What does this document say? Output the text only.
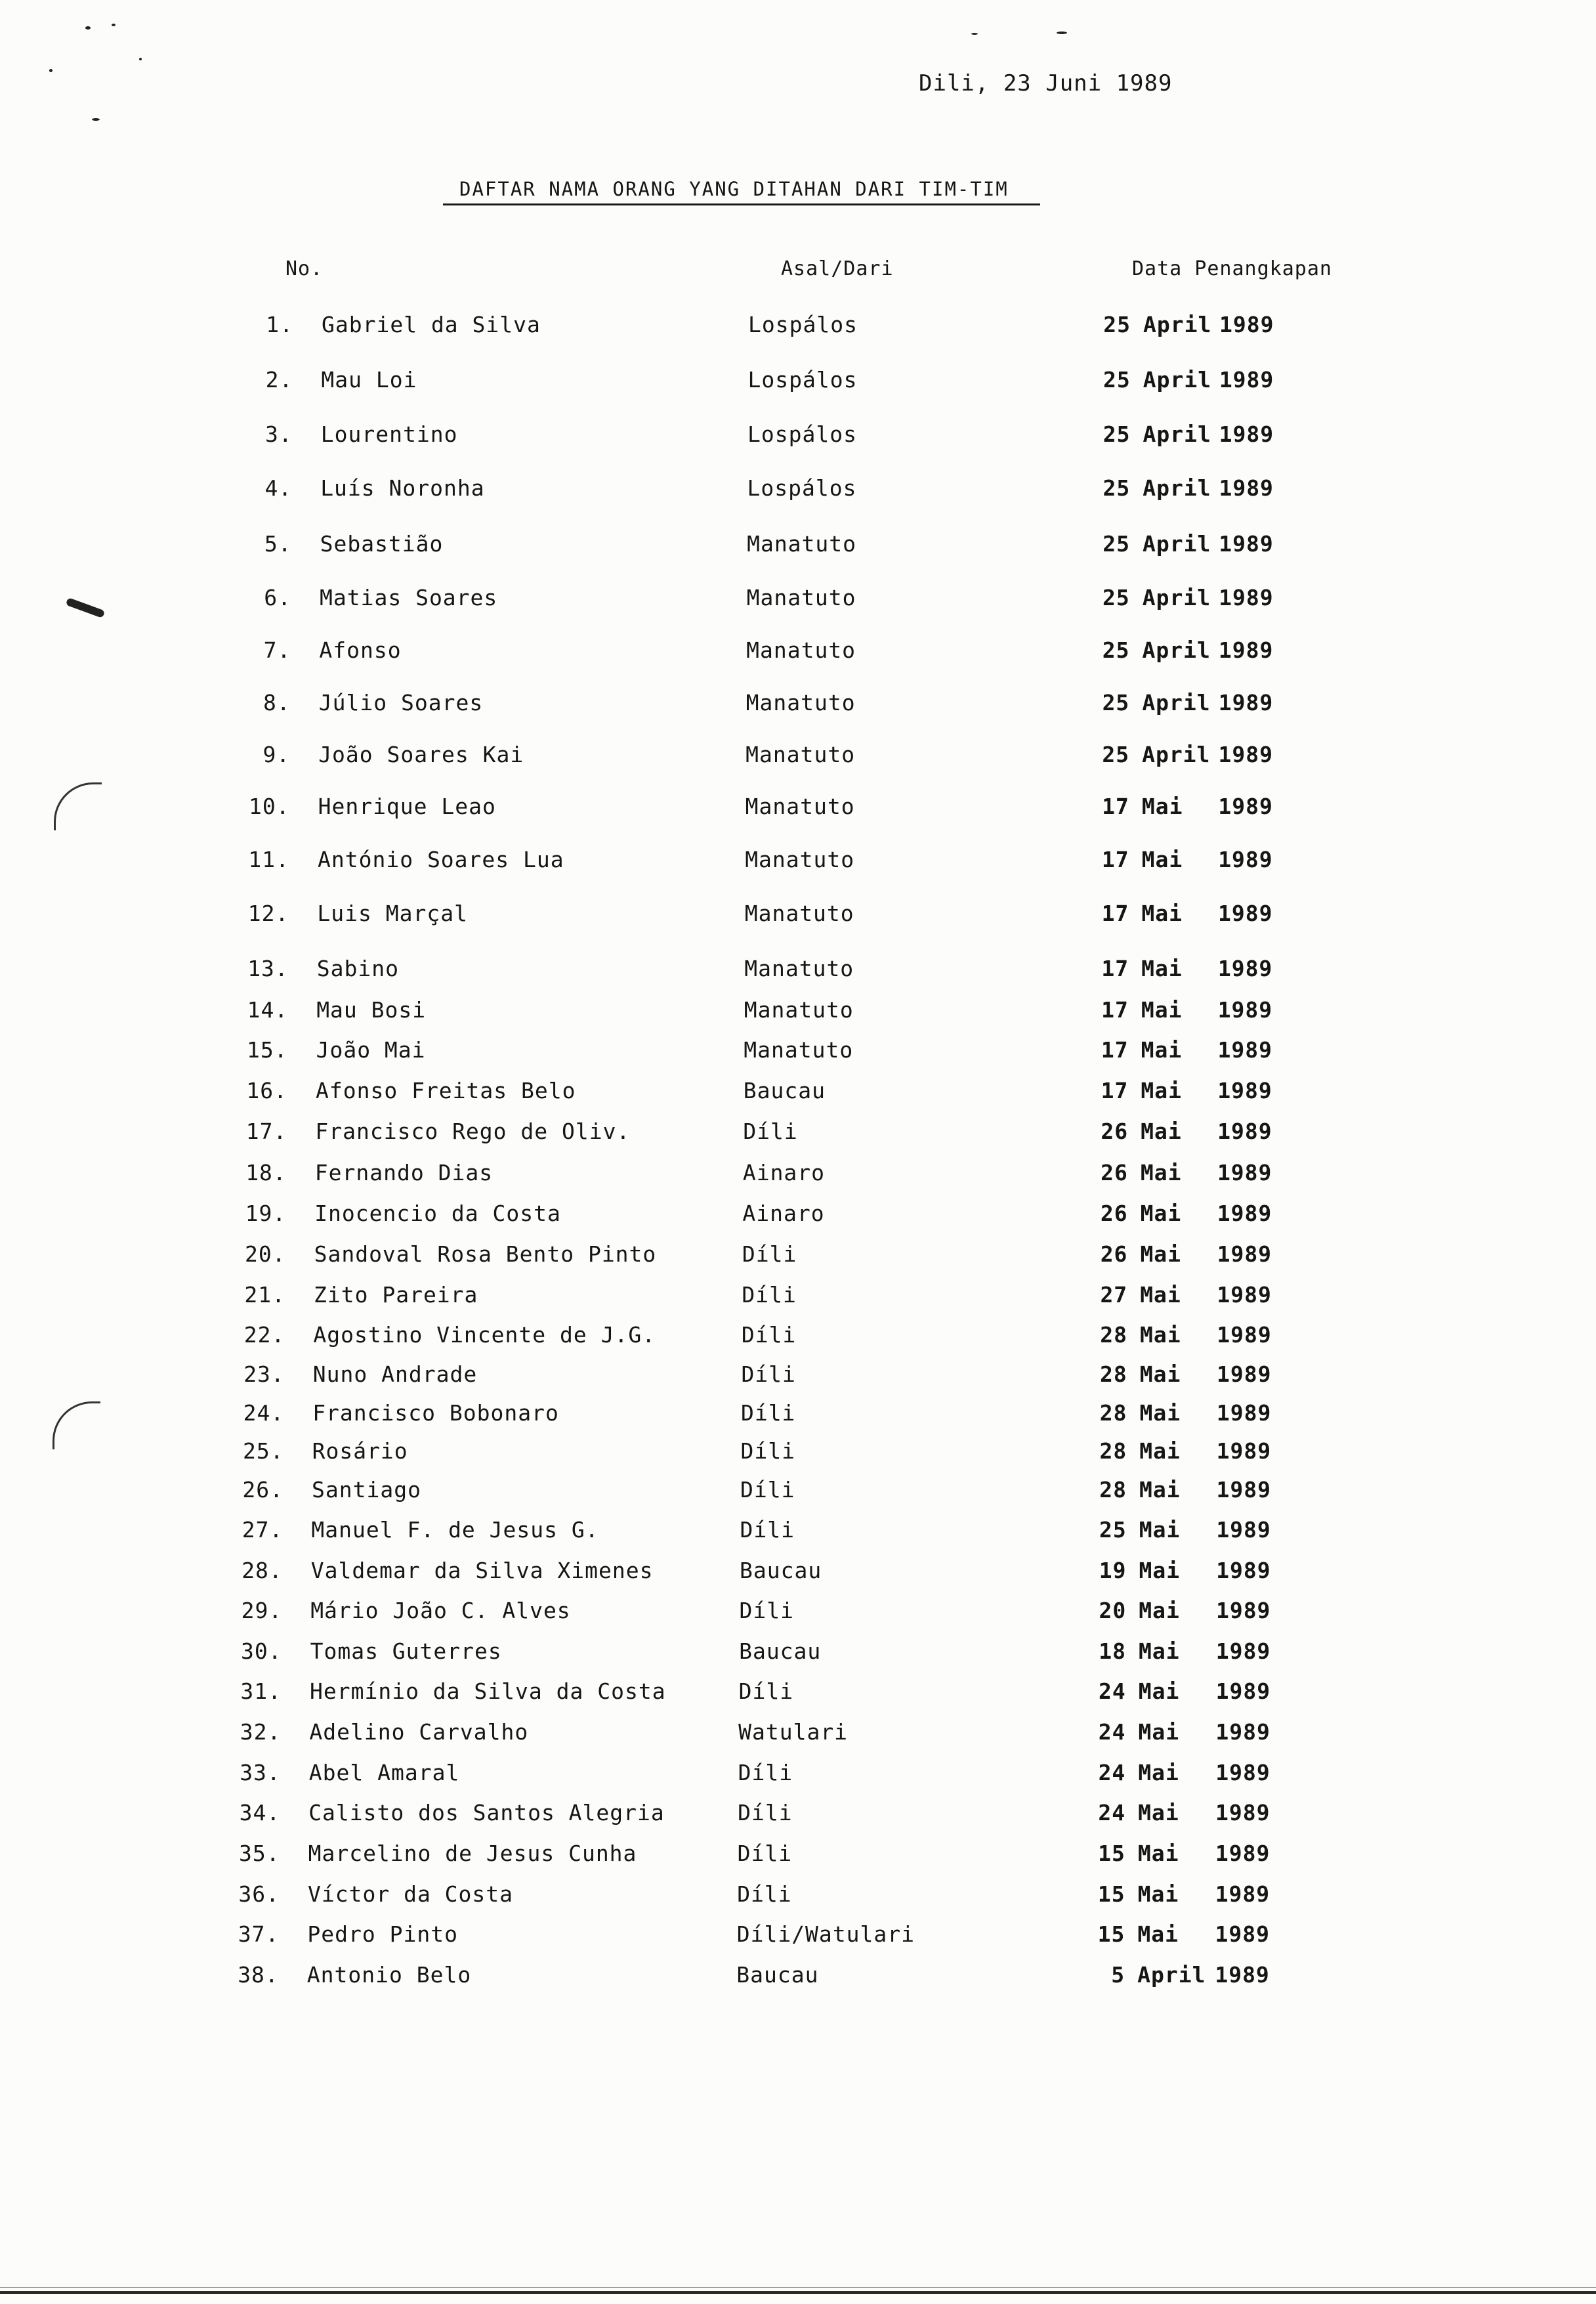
Dili, 23 Juni 1989
DAFTAR NAMA ORANG YANG DITAHAN DARI TIM-TIM
No.	Asal/Dari	Data Penangkapan
1. Gabriel da Silva	Lospálos	25 April 1989
2. Mau Loi	Lospálos	25 April 1989
3. Lourentino	Lospálos	25 April 1989
4. Luís Noronha	Lospálos	25 April 1989
5. Sebastião	Manatuto	25 April 1989
6. Matias Soares	Manatuto	25 April 1989
7. Afonso	Manatuto	25 April 1989
8. Júlio Soares	Manatuto	25 April 1989
9. João Soares Kai	Manatuto	25 April 1989
10. Henrique Leao	Manatuto	17 Mai 1989
11. António Soares Lua	Manatuto	17 Mai 1989
12. Luis Marçal	Manatuto	17 Mai 1989
13. Sabino	Manatuto	17 Mai 1989
14. Mau Bosi	Manatuto	17 Mai 1989
15. João Mai	Manatuto	17 Mai 1989
16. Afonso Freitas Belo	Baucau	17 Mai 1989
17. Francisco Rego de Oliv.	Díli	26 Mai 1989
18. Fernando Dias	Ainaro	26 Mai 1989
19. Inocencio da Costa	Ainaro	26 Mai 1989
20. Sandoval Rosa Bento Pinto	Díli	26 Mai 1989
21. Zito Pareira	Díli	27 Mai 1989
22. Agostino Vincente de J.G.	Díli	28 Mai 1989
23. Nuno Andrade	Díli	28 Mai 1989
24. Francisco Bobonaro	Díli	28 Mai 1989
25. Rosário	Díli	28 Mai 1989
26. Santiago	Díli	28 Mai 1989
27. Manuel F. de Jesus G.	Díli	25 Mai 1989
28. Valdemar da Silva Ximenes	Baucau	19 Mai 1989
29. Mário João C. Alves	Díli	20 Mai 1989
30. Tomas Guterres	Baucau	18 Mai 1989
31. Hermínio da Silva da Costa	Díli	24 Mai 1989
32. Adelino Carvalho	Watulari	24 Mai 1989
33. Abel Amaral	Díli	24 Mai 1989
34. Calisto dos Santos Alegria	Díli	24 Mai 1989
35. Marcelino de Jesus Cunha	Díli	15 Mai 1989
36. Víctor da Costa	Díli	15 Mai 1989
37. Pedro Pinto	Díli/Watulari	15 Mai 1989
38. Antonio Belo	Baucau	5 April 1989
